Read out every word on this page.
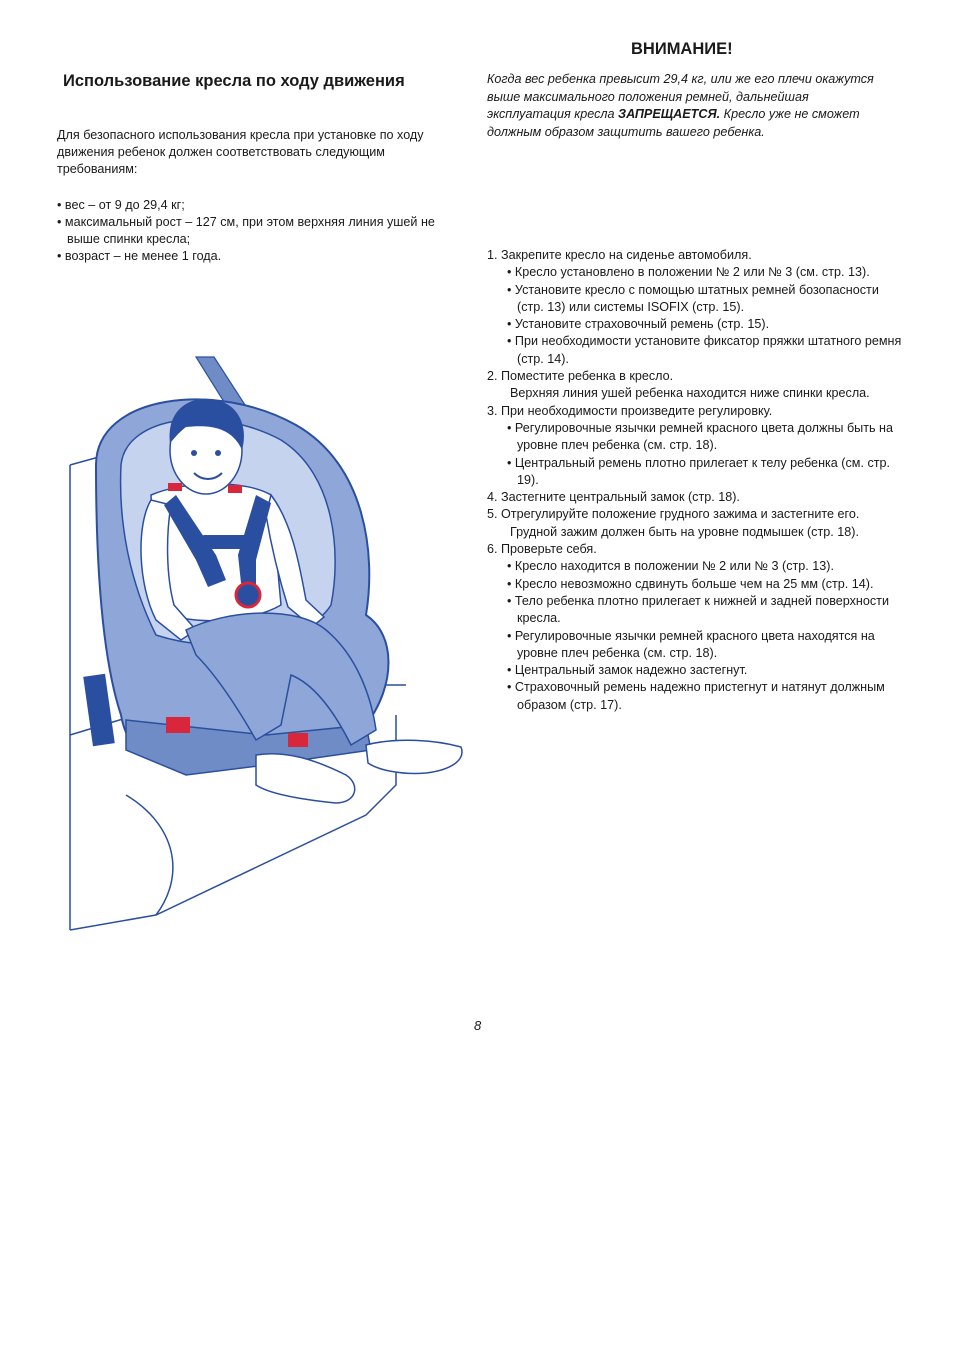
Использование кресла по ходу движения

Для безопасного использования кресла при установке по ходу движения ребенок должен соответствовать следующим требованиям:

• вес – от 9 до 29,4 кг;
• максимальный рост – 127 см, при этом верхняя линия ушей не выше спинки кресла;
• возраст – не менее 1 года.
ВНИМАНИЕ!

Когда вес ребенка превысит 29,4 кг, или же его плечи окажутся выше максимального положения ремней, дальнейшая эксплуатация кресла ЗАПРЕЩАЕТСЯ. Кресло уже не сможет должным образом защитить вашего ребенка.

1. Закрепите кресло на сиденье автомобиля.
• Кресло установлено в положении № 2 или № 3 (см. стр. 13).
• Установите кресло с помощью штатных ремней бозопасности (стр. 13) или системы ISOFIX (стр. 15).
• Установите страховочный ремень (стр. 15).
• При необходимости установите фиксатор пряжки штатного ремня (стр. 14).
2. Поместите ребенка в кресло.
Верхняя линия ушей ребенка находится ниже спинки кресла.
3. При необходимости произведите регулировку.
• Регулировочные язычки ремней красного цвета должны быть на уровне плеч ребенка (см. стр. 18).
• Центральный ремень плотно прилегает к телу ребенка (см. стр. 19).
4. Застегните центральный замок (стр. 18).
5. Отрегулируйте положение грудного зажима и застегните его.
Грудной зажим должен быть на уровне подмышек (стр. 18).
6. Проверьте себя.
• Кресло находится в положении № 2 или № 3 (стр. 13).
• Кресло невозможно сдвинуть больше чем на 25 мм (стр. 14).
• Тело ребенка плотно прилегает к нижней и задней поверхности кресла.
• Регулировочные язычки ремней красного цвета находятся на уровне плеч ребенка (см. стр. 18).
• Центральный замок надежно застегнут.
• Страховочный ремень надежно пристегнут и натянут должным образом (стр. 17).
8
